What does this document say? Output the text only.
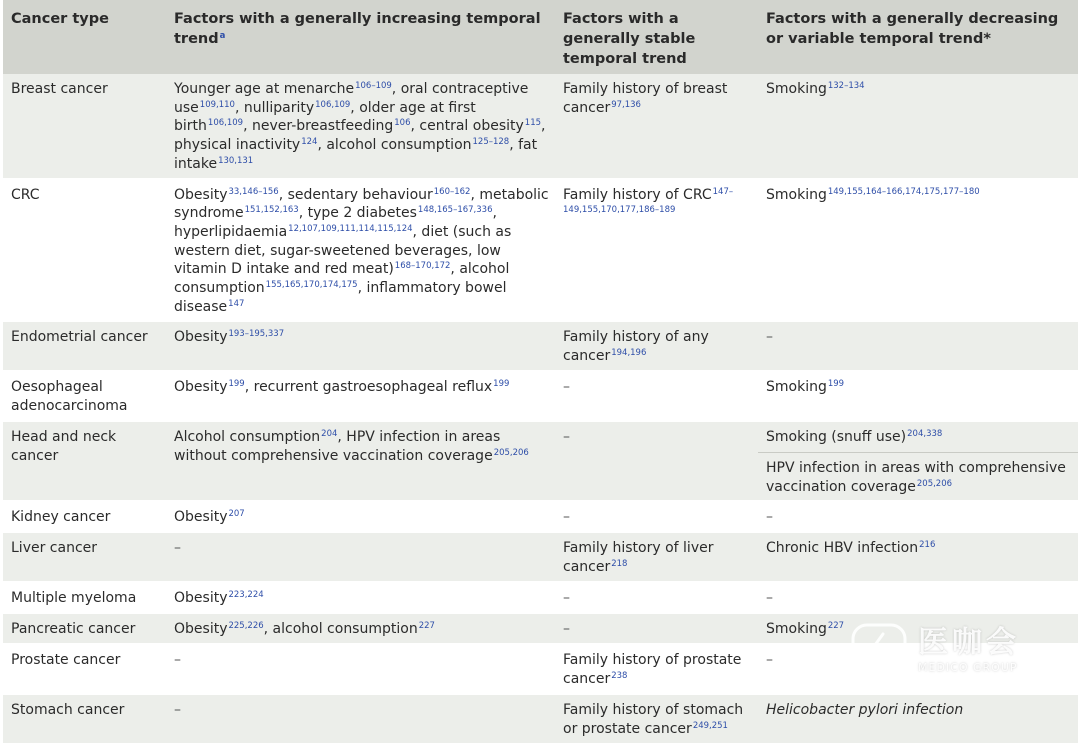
Cancer type	Factors with a generally increasing temporal trend$^a$	Factors with a generally stable temporal trend	Factors with a generally decreasing or variable temporal trend*
Breast cancer	Younger age at menarche$^{106-109}$, oral contraceptive use$^{109,110}$, nulliparity$^{106,109}$, older age at first birth$^{106,109}$, never-breastfeeding$^{106}$, central obesity$^{115}$, physical inactivity$^{124}$, alcohol consumption$^{125-128}$, fat intake$^{130,131}$	Family history of breast cancer$^{97,136}$	Smoking$^{132-134}$
CRC	Obesity$^{33,146-156}$, sedentary behaviour$^{160-162}$, metabolic syndrome$^{151,152,163}$, type 2 diabetes$^{148,165-167,336}$, hyperlipidaemia$^{12,107,109,111,114,115,124}$, diet (such as western diet, sugar-sweetened beverages, low vitamin D intake and red meat)$^{168-170,172}$, alcohol consumption$^{155,165,170,174,175}$, inflammatory bowel disease$^{147}$	Family history of CRC$^{147-149,155,170,177,186-189}$	Smoking$^{149,155,164-166,174,175,177-180}$
Endometrial cancer	Obesity$^{193-195,337}$	Family history of any cancer$^{194,196}$	–
Oesophageal adenocarcinoma	Obesity$^{199}$, recurrent gastroesophageal reflux$^{199}$	–	Smoking$^{199}$
Head and neck cancer	Alcohol consumption$^{204}$, HPV infection in areas without comprehensive vaccination coverage$^{205,206}$	–	Smoking (snuff use)$^{204,338}$
			HPV infection in areas with comprehensive vaccination coverage$^{205,206}$
Kidney cancer	Obesity$^{207}$	–	–
Liver cancer	–	Family history of liver cancer$^{218}$	Chronic HBV infection$^{216}$
Multiple myeloma	Obesity$^{223,224}$	–	–
Pancreatic cancer	Obesity$^{225,226}$, alcohol consumption$^{227}$	–	Smoking$^{227}$
Prostate cancer	–	Family history of prostate cancer$^{238}$	–
Stomach cancer	–	Family history of stomach or prostate cancer$^{249,251}$	Helicobacter pylori infection
医咖会
MEDICO GROUP
